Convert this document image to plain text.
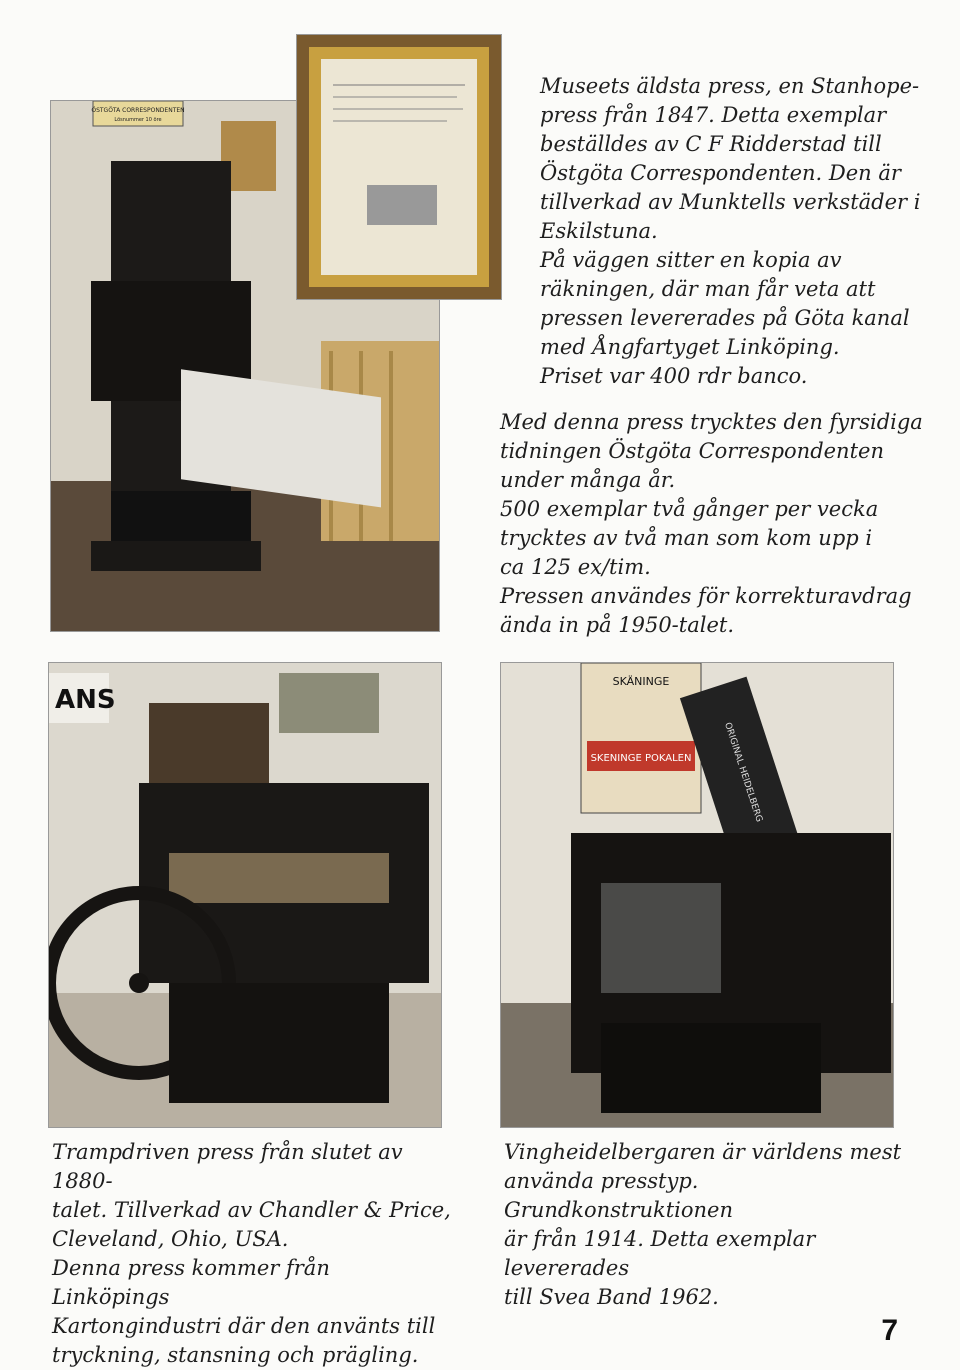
ÖSTGÖTA CORRESPONDENTEN
Lösnummer 10 öre

Museets äldsta press, en Stanhope-

press från 1847. Detta exemplar

beställdes av C F Ridderstad till

Östgöta Correspondenten. Den är

tillverkad av Munktells verkstäder i

Eskilstuna.

På väggen sitter en kopia av

räkningen, där man får veta att

pressen levererades på Göta kanal

med Ångfartyget Linköping.

Priset var 400 rdr banco.

Med denna press trycktes den fyrsidiga

tidningen Östgöta Correspondenten

under många år.

500 exemplar två gånger per vecka

trycktes av två man som kom upp i

ca 125 ex/tim.

Pressen användes för korrekturavdrag

ända in på 1950-talet.

ANS
SKÄNINGE
SKENINGE POKALEN	ORIGINAL HEIDELBERG

Trampdriven press från slutet av 1880-

talet. Tillverkad av Chandler & Price,

Cleveland, Ohio, USA.

Denna press kommer från Linköpings

Kartongindustri där den använts till

tryckning, stansning och prägling.

Vingheidelbergaren är världens mest

använda presstyp. Grundkonstruktionen

är från 1914. Detta exemplar levererades

till Svea Band 1962.

7
